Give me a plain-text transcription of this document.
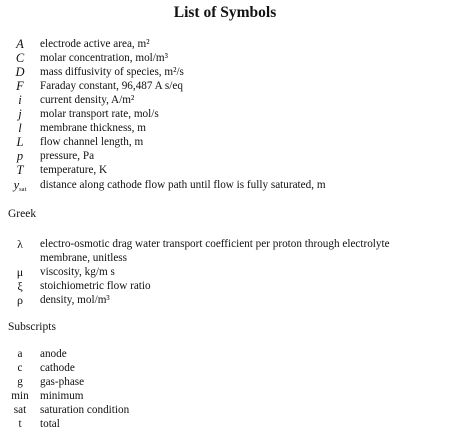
List of Symbols
A	electrode active area, m²
C	molar concentration, mol/m³
D	mass diffusivity of species, m²/s
F	Faraday constant, 96,487 A s/eq
i	current density, A/m²
j	molar transport rate, mol/s
l	membrane thickness, m
L	flow channel length, m
p	pressure, Pa
T	temperature, K
ysat	distance along cathode flow path until flow is fully saturated, m
Greek
λ	electro-osmotic drag water transport coefficient per proton through electrolyte
membrane, unitless
μ	viscosity, kg/m s
ξ	stoichiometric flow ratio
ρ	density, mol/m³
Subscripts
a	anode
c	cathode
g	gas-phase
min	minimum
sat	saturation condition
t	total
